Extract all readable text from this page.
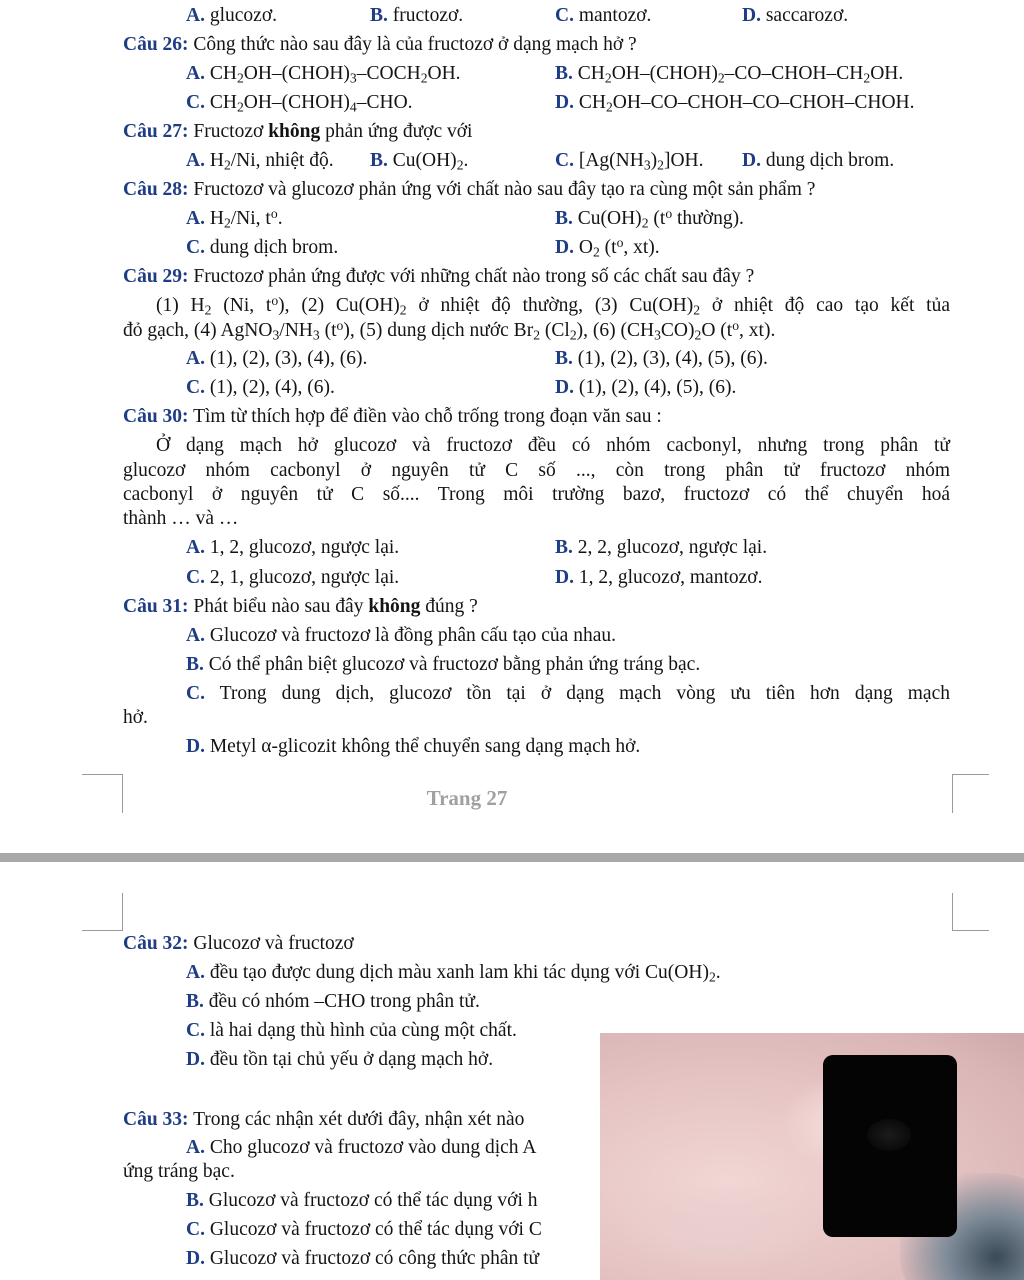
A. glucozơ.	B. fructozơ.	C. mantozơ.	D. saccarozơ.
Câu 26: Công thức nào sau đây là của fructozơ ở dạng mạch hở ?
A. $CH_2OH-(CHOH)_3-COCH_2OH$.	B. $CH_2OH-(CHOH)_2-CO-CHOH-CH_2OH$.
C. $CH_2OH-(CHOH)_4$–CHO.	D. $CH_2OH-CO-CHOH-CO-CHOH$–CHOH.
Câu 27: Fructozơ không phản ứng được với
A. $H_2/Ni$, nhiệt độ. B. $Cu(OH)_2$.	C. $[Ag(NH_3)_2]OH$. D. dung dịch brom.
Câu 28: Fructozơ và glucozơ phản ứng với chất nào sau đây tạo ra cùng một sản phẩm ?
A. $H_2/Ni$, $t^o$.	B. $Cu(OH)_2$ ($t^o$ thường).
C. dung dịch brom.	D. $O_2$ ($t^o$, xt).
Câu 29: Fructozơ phản ứng được với những chất nào trong số các chất sau đây ?
(1) $H_2$ (Ni, $t^o$), (2) $Cu(OH)_2$ ở nhiệt độ thường, (3) $Cu(OH)_2$ ở nhiệt độ cao tạo kết tủa
đỏ gạch, (4) $AgNO_3/NH_3$ $(t^o)$, (5) dung dịch nước $Br_2$ $(Cl_2)$, (6) $(CH_3CO)_2O$ ($t^o$, xt).
A. (1), (2), (3), (4), (6).	B. (1), (2), (3), (4), (5), (6).
C. (1), (2), (4), (6).	D. (1), (2), (4), (5), (6).
Câu 30: Tìm từ thích hợp để điền vào chỗ trống trong đoạn văn sau :
Ở dạng mạch hở glucozơ và fructozơ đều có nhóm cacbonyl, nhưng trong phân tử
glucozơ nhóm cacbonyl ở nguyên tử C số ..., còn trong phân tử fructozơ nhóm
cacbonyl ở nguyên tử C số.... Trong môi trường bazơ, fructozơ có thể chuyển hoá
thành … và …
A. 1, 2, glucozơ, ngược lại.	B. 2, 2, glucozơ, ngược lại.
C. 2, 1, glucozơ, ngược lại.	D. 1, 2, glucozơ, mantozơ.
Câu 31: Phát biểu nào sau đây không đúng ?
A. Glucozơ và fructozơ là đồng phân cấu tạo của nhau.
B. Có thể phân biệt glucozơ và fructozơ bằng phản ứng tráng bạc.
C. Trong dung dịch, glucozơ tồn tại ở dạng mạch vòng ưu tiên hơn dạng mạch
hở.
D. Metyl α-glicozit không thể chuyển sang dạng mạch hở.
Trang 27
Câu 32: Glucozơ và fructozơ
A. đều tạo được dung dịch màu xanh lam khi tác dụng với $Cu(OH)_2$.
B. đều có nhóm –CHO trong phân tử.
C. là hai dạng thù hình của cùng một chất.
D. đều tồn tại chủ yếu ở dạng mạch hở.
Câu 33: Trong các nhận xét dưới đây, nhận xét nào
A. Cho glucozơ và fructozơ vào dung dịch A
ứng tráng bạc.
B. Glucozơ và fructozơ có thể tác dụng với h
C. Glucozơ và fructozơ có thể tác dụng với C
D. Glucozơ và fructozơ có công thức phân tử
